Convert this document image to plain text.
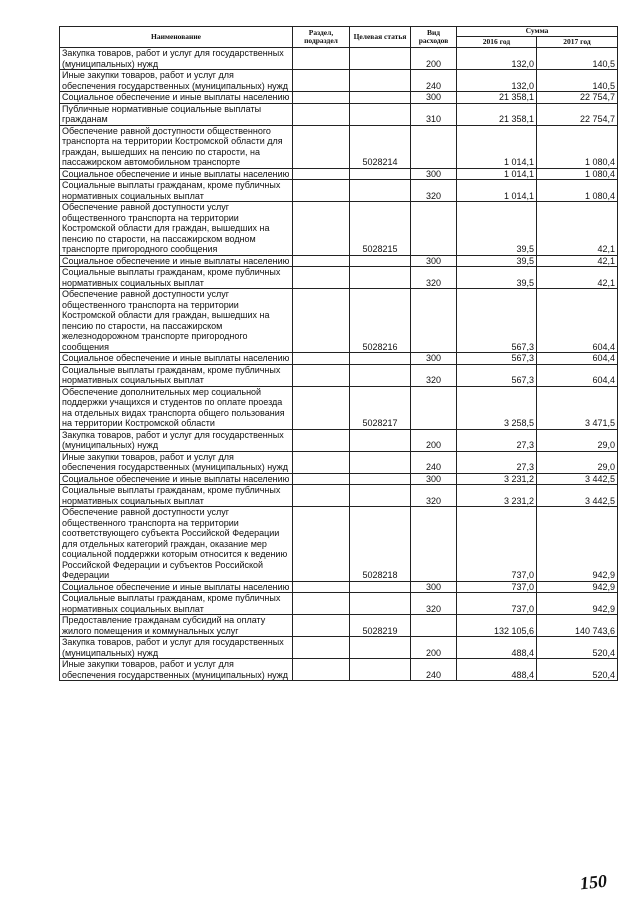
Наименование	Раздел, подраздел	Целевая статья	Вид расходов	Сумма	
				2016 год	2017 год
Закупка товаров, работ и услуг для государственных (муниципальных) нужд			200	132,0	140,5
Иные закупки товаров, работ и услуг для обеспечения государственных (муниципальных) нужд			240	132,0	140,5
Социальное обеспечение и иные выплаты населению			300	21 358,1	22 754,7
Публичные нормативные социальные выплаты гражданам			310	21 358,1	22 754,7
Обеспечение равной доступности общественного транспорта на территории Костромской области для граждан, вышедших на пенсию по старости, на пассажирском автомобильном транспорте		5028214		1 014,1	1 080,4
Социальное обеспечение и иные выплаты населению			300	1 014,1	1 080,4
Социальные выплаты гражданам, кроме публичных нормативных социальных выплат			320	1 014,1	1 080,4
Обеспечение равной доступности услуг общественного транспорта на территории Костромской области для граждан, вышедших на пенсию по старости, на пассажирском водном транспорте пригородного сообщения		5028215		39,5	42,1
Социальное обеспечение и иные выплаты населению			300	39,5	42,1
Социальные выплаты гражданам, кроме публичных нормативных социальных выплат			320	39,5	42,1
Обеспечение равной доступности услуг общественного транспорта на территории Костромской области для граждан, вышедших на пенсию по старости, на пассажирском железнодорожном транспорте пригородного сообщения		5028216		567,3	604,4
Социальное обеспечение и иные выплаты населению			300	567,3	604,4
Социальные выплаты гражданам, кроме публичных нормативных социальных выплат			320	567,3	604,4
Обеспечение дополнительных мер социальной поддержки учащихся и студентов по оплате проезда на отдельных видах транспорта общего пользования на территории Костромской области		5028217		3 258,5	3 471,5
Закупка товаров, работ и услуг для государственных (муниципальных) нужд			200	27,3	29,0
Иные закупки товаров, работ и услуг для обеспечения государственных (муниципальных) нужд			240	27,3	29,0
Социальное обеспечение и иные выплаты населению			300	3 231,2	3 442,5
Социальные выплаты гражданам, кроме публичных нормативных социальных выплат			320	3 231,2	3 442,5
Обеспечение равной доступности услуг общественного транспорта на территории соответствующего субъекта Российской Федерации для отдельных категорий граждан, оказание мер социальной поддержки которым относится к ведению Российской Федерации и субъектов Российской Федерации		5028218		737,0	942,9
Социальное обеспечение и иные выплаты населению			300	737,0	942,9
Социальные выплаты гражданам, кроме публичных нормативных социальных выплат			320	737,0	942,9
Предоставление гражданам субсидий на оплату жилого помещения и коммунальных услуг		5028219		132 105,6	140 743,6
Закупка товаров, работ и услуг для государственных (муниципальных) нужд			200	488,4	520,4
Иные закупки товаров, работ и услуг для обеспечения государственных (муниципальных) нужд			240	488,4	520,4
150
